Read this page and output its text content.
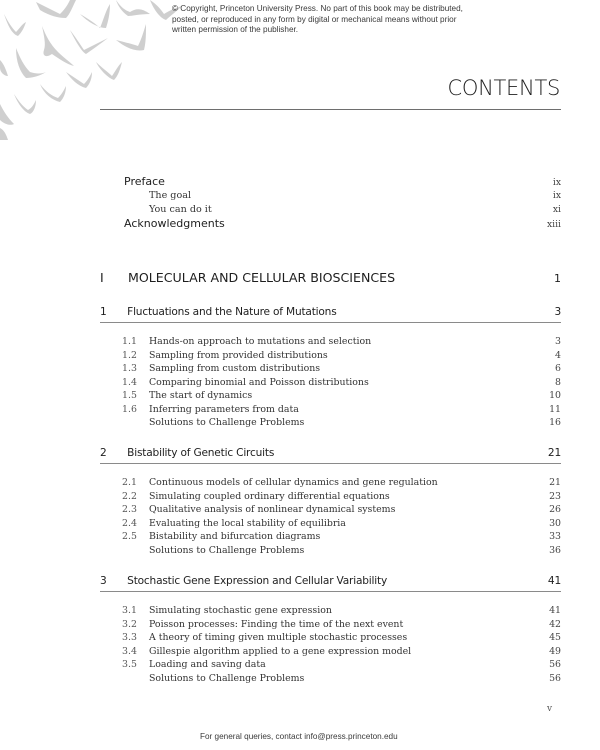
© Copyright, Princeton University Press. No part of this book may be distributed, posted, or reproduced in any form by digital or mechanical means without prior written permission of the publisher.
CONTENTS
Preface	ix
The goal	ix
You can do it	xi
Acknowledgments	xiii
I MOLECULAR AND CELLULAR BIOSCIENCES	1
1 Fluctuations and the Nature of Mutations	3
1.1	Hands-on approach to mutations and selection	3
1.2	Sampling from provided distributions	4
1.3	Sampling from custom distributions	6
1.4	Comparing binomial and Poisson distributions	8
1.5	The start of dynamics	10
1.6	Inferring parameters from data	11
Solutions to Challenge Problems	16
2 Bistability of Genetic Circuits	21
2.1	Continuous models of cellular dynamics and gene regulation	21
2.2	Simulating coupled ordinary differential equations	23
2.3	Qualitative analysis of nonlinear dynamical systems	26
2.4	Evaluating the local stability of equilibria	30
2.5	Bistability and bifurcation diagrams	33
Solutions to Challenge Problems	36
3 Stochastic Gene Expression and Cellular Variability	41
3.1	Simulating stochastic gene expression	41
3.2	Poisson processes: Finding the time of the next event	42
3.3	A theory of timing given multiple stochastic processes	45
3.4	Gillespie algorithm applied to a gene expression model	49
3.5	Loading and saving data	56
Solutions to Challenge Problems	56
v
For general queries, contact info@press.princeton.edu
